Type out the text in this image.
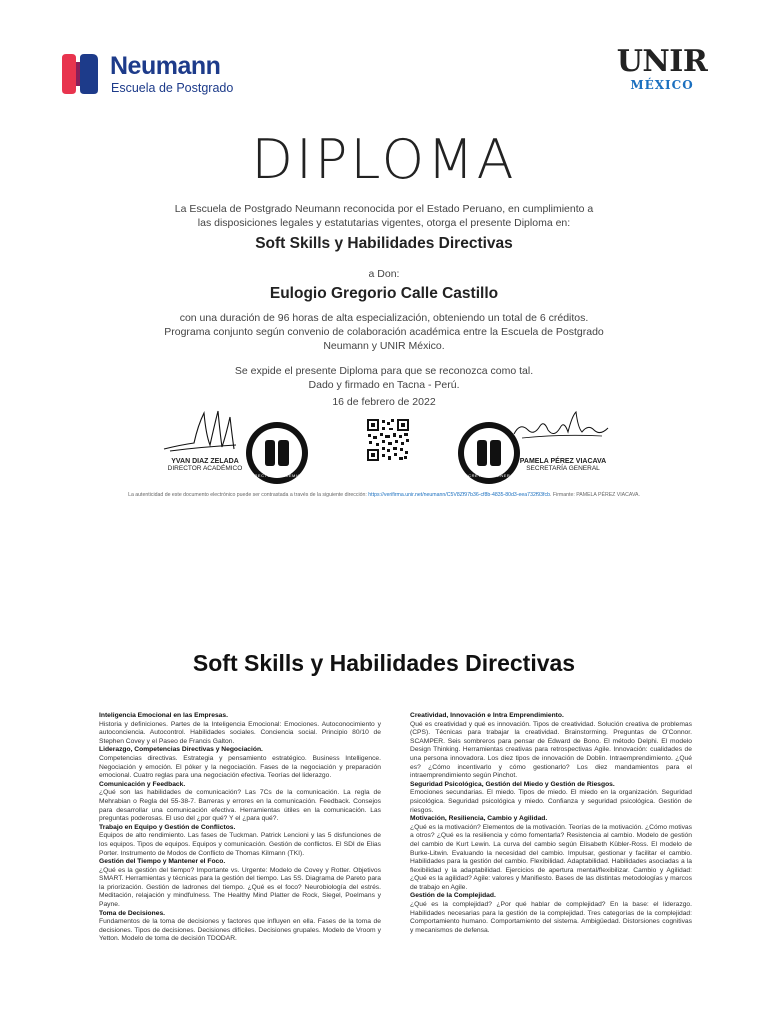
Neumann
Escuela de Postgrado
UNIR
MÉXICO
DIPLOMA
La Escuela de Postgrado Neumann reconocida por el Estado Peruano, en cumplimiento a
las disposiciones legales y estatutarias vigentes, otorga el presente Diploma en:
Soft Skills y Habilidades Directivas
a Don:
Eulogio Gregorio Calle Castillo
con una duración de 96 horas de alta especialización, obteniendo un total de 6 créditos.
Programa conjunto según convenio de colaboración académica entre la Escuela de Postgrado
Neumann y UNIR México.
Se expide el presente Diploma para que se reconozca como tal.
Dado y firmado en Tacna - Perú.
16 de febrero de 2022
YVAN DIAZ ZELADA
DIRECTOR ACADÉMICO
DIRECTOR ACADÉMICO	SECRETARÍA GENERAL
PAMELA PÉREZ VIACAVA
SECRETARÍA GENERAL
La autenticidad de este documento electrónico puede ser contrastada a través de la siguiente dirección: https://verifirma.unir.net/neumann/C5V8Zf97b36-cf8b-4835-80d3-eea732f93fcb. Firmante: PAMELA PÉREZ VIACAVA.
Soft Skills y Habilidades Directivas
Inteligencia Emocional en las Empresas.
Historia y definiciones. Partes de la Inteligencia Emocional: Emociones. Autoconocimiento y autoconciencia. Autocontrol. Habilidades sociales. Conciencia social. Principio 80/10 de Stephen Covey y el Paseo de Francis Galton.
Liderazgo, Competencias Directivas y Negociación.
Competencias directivas. Estrategia y pensamiento estratégico. Business Intelligence. Negociación y emoción. El póker y la negociación. Fases de la negociación y preparación emocional. Cuatro reglas para una negociación efectiva. Teorías del liderazgo.
Comunicación y Feedback.
¿Qué son las habilidades de comunicación? Las 7Cs de la comunicación. La regla de Mehrabian o Regla del 55-38-7. Barreras y errores en la comunicación. Feedback. Consejos para desarrollar una comunicación efectiva. Herramientas útiles en la comunicación. Las preguntas poderosas. El uso del ¿por qué? Y el ¿para qué?.
Trabajo en Equipo y Gestión de Conflictos.
Equipos de alto rendimiento. Las fases de Tuckman. Patrick Lencioni y las 5 disfunciones de los equipos. Tipos de equipos. Equipos y comunicación. Gestión de conflictos. El SDI de Elias Porter. Instrumento de Modos de Conflicto de Thomas Kilmann (TKI).
Gestión del Tiempo y Mantener el Foco.
¿Qué es la gestión del tiempo? Importante vs. Urgente: Modelo de Covey y Rotter. Objetivos SMART. Herramientas y técnicas para la gestión del tiempo. Las 5S. Diagrama de Pareto para la priorización. Gestión de ladrones del tiempo. ¿Qué es el foco? Neurobiología del estrés. Meditación, relajación y mindfulness. The Healthy Mind Platter de Rock, Siegel, Poelmans y Payne.
Toma de Decisiones.
Fundamentos de la toma de decisiones y factores que influyen en ella. Fases de la toma de decisiones. Tipos de decisiones. Decisiones difíciles. Decisiones grupales. Modelo de Vroom y Yetton. Modelo de toma de decisión TDODAR.
Creatividad, Innovación e Intra Emprendimiento.
Qué es creatividad y qué es innovación. Tipos de creatividad. Solución creativa de problemas (CPS). Técnicas para trabajar la creatividad. Brainstorming. Preguntas de O'Connor. SCAMPER. Seis sombreros para pensar de Edward de Bono. El método Delphi. El modelo Design Thinking. Herramientas creativas para retrospectivas Agile. Innovación: cualidades de una persona innovadora. Los diez tipos de innovación de Doblin. Intraemprendimiento. ¿Qué es? ¿Cómo incentivarlo y cómo gestionarlo? Los diez mandamientos para el intraemprendimiento según Pinchot.
Seguridad Psicológica, Gestión del Miedo y Gestión de Riesgos.
Emociones secundarias. El miedo. Tipos de miedo. El miedo en la organización. Seguridad psicológica. Seguridad psicológica y miedo. Confianza y seguridad psicológica. Gestión de riesgos.
Motivación, Resiliencia, Cambio y Agilidad.
¿Qué es la motivación? Elementos de la motivación. Teorías de la motivación. ¿Cómo motivas a otros? ¿Qué es la resiliencia y cómo fomentarla? Resistencia al cambio. Modelo de gestión del cambio de Kurt Lewin. La curva del cambio según Elisabeth Kübler-Ross. El modelo de Burke-Litwin. Evaluando la necesidad del cambio. Impulsar, gestionar y facilitar el cambio. Habilidades para la gestión del cambio. Flexibilidad. Adaptabilidad. Habilidades asociadas a la flexibilidad y la adaptabilidad. Ejercicios de apertura mental/flexibilizar. Cambio y Agilidad: ¿Qué es la agilidad? Agile: valores y Manifiesto. Bases de las distintas metodologías y marcos de trabajo en Agile.
Gestión de la Complejidad.
¿Qué es la complejidad? ¿Por qué hablar de complejidad? En la base: el liderazgo. Habilidades necesarias para la gestión de la complejidad. Tres categorías de la complejidad: Comportamiento humano. Comportamiento del sistema. Ambigüedad. Distorsiones cognitivas y mecanismos de defensa.
